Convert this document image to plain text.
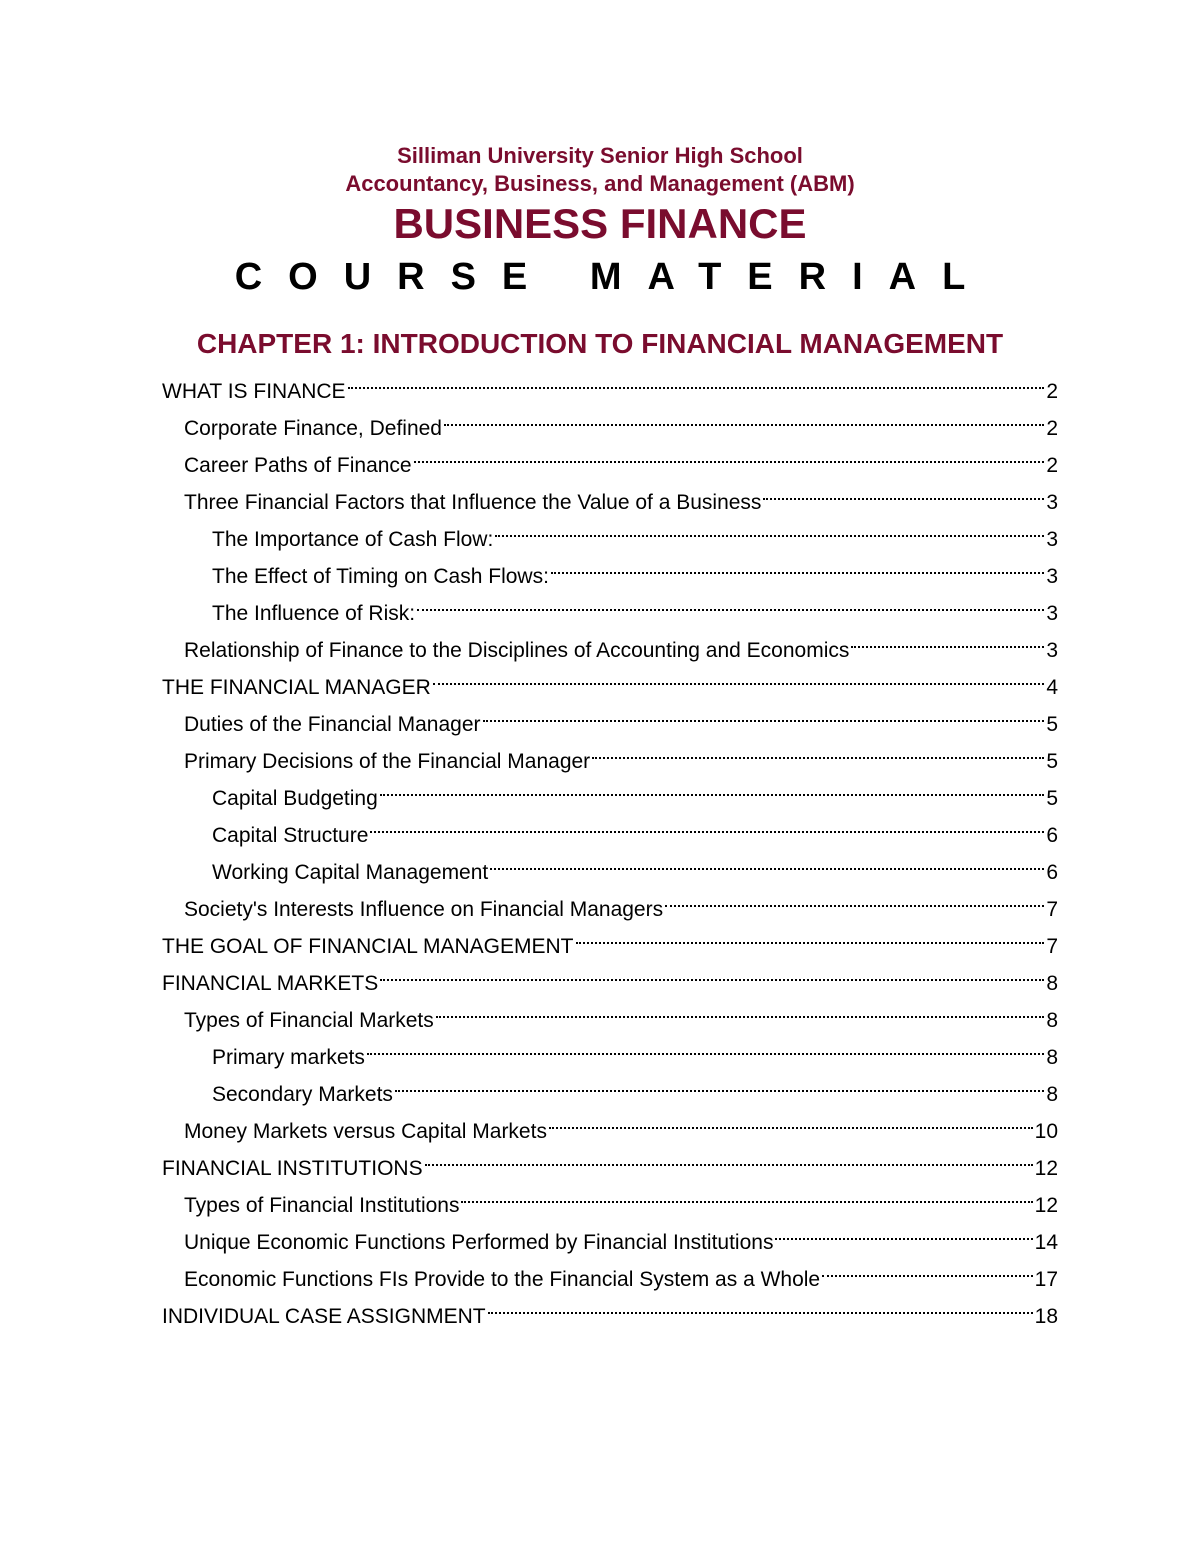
Silliman University Senior High School
Accountancy, Business, and Management (ABM)
BUSINESS FINANCE
COURSE MATERIAL
CHAPTER 1: INTRODUCTION TO FINANCIAL MANAGEMENT
WHAT IS FINANCE	2
Corporate Finance, Defined	2
Career Paths of Finance	2
Three Financial Factors that Influence the Value of a Business	3
The Importance of Cash Flow:	3
The Effect of Timing on Cash Flows:	3
The Influence of Risk:	3
Relationship of Finance to the Disciplines of Accounting and Economics	3
THE FINANCIAL MANAGER	4
Duties of the Financial Manager	5
Primary Decisions of the Financial Manager	5
Capital Budgeting	5
Capital Structure	6
Working Capital Management	6
Society's Interests Influence on Financial Managers	7
THE GOAL OF FINANCIAL MANAGEMENT	7
FINANCIAL MARKETS	8
Types of Financial Markets	8
Primary markets	8
Secondary Markets	8
Money Markets versus Capital Markets	10
FINANCIAL INSTITUTIONS	12
Types of Financial Institutions	12
Unique Economic Functions Performed by Financial Institutions	14
Economic Functions FIs Provide to the Financial System as a Whole	17
INDIVIDUAL CASE ASSIGNMENT	18
